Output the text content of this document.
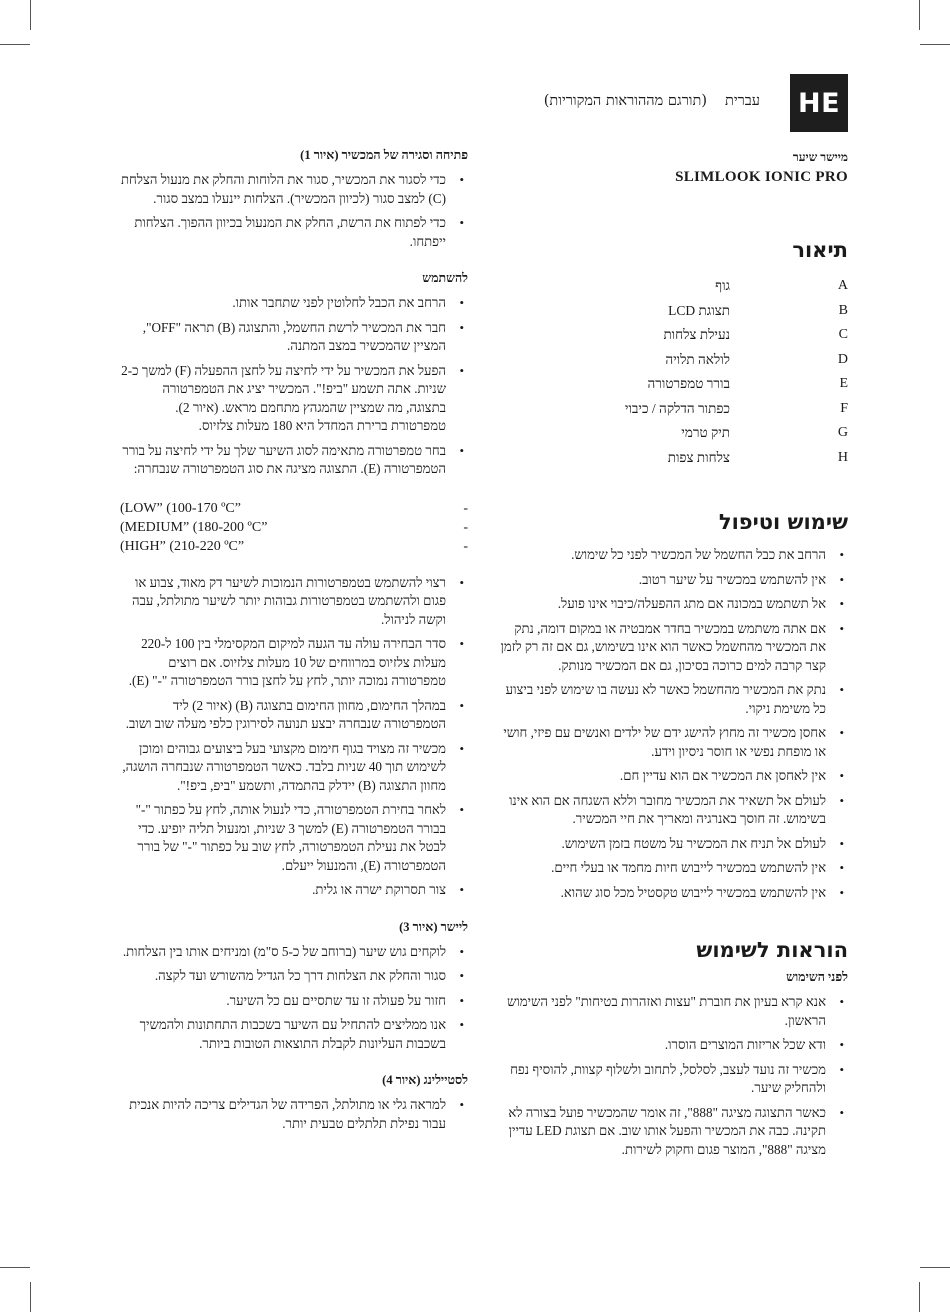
HE
עברית(תורגם מההוראות המקוריות)
מיישר שיער
SLIMLOOK IONIC PRO
תיאור
A
גוף
B
תצוגת LCD
C
נעילת צלחות
D
לולאה תלויה
E
בורר טמפרטורה
F
כפתור הדלקה / כיבוי
G
תיק טרמי
H
צלחות צפות
שימוש וטיפול
• הרחב את כבל החשמל של המכשיר לפני כל שימוש.
• אין להשתמש במכשיר על שיער רטוב.
• אל תשתמש במכונה אם מתג ההפעלה/כיבוי אינו פועל.
• אם אתה משתמש במכשיר בחדר אמבטיה או במקום דומה, נתק את המכשיר מהחשמל כאשר הוא אינו בשימוש, גם אם זה רק לזמן קצר קרבה למים כרוכה בסיכון, גם אם המכשיר מנותק.
• נתק את המכשיר מהחשמל כאשר לא נעשה בו שימוש לפני ביצוע כל משימת ניקוי.
• אחסן מכשיר זה מחוץ להישג ידם של ילדים ואנשים עם פיזי, חושי או מופחת נפשי או חוסר ניסיון וידע.
• אין לאחסן את המכשיר אם הוא עדיין חם.
• לעולם אל תשאיר את המכשיר מחובר וללא השגחה אם הוא אינו בשימוש. זה חוסך באנרגיה ומאריך את חיי המכשיר.
• לעולם אל תניח את המכשיר על משטח בזמן השימוש.
• אין להשתמש במכשיר לייבוש חיות מחמד או בעלי חיים.
• אין להשתמש במכשיר לייבוש טקסטיל מכל סוג שהוא.
הוראות לשימוש
לפני השימוש
• אנא קרא בעיון את חוברת "עצות ואזהרות בטיחות" לפני השימוש הראשון.
• ודא שכל אריזות המוצרים הוסרו.
• מכשיר זה נועד לעצב, לסלסל, לתחוב ולשלוף קצוות, להוסיף נפח ולהחליק שיער.
• כאשר התצוגה מציגה "888", זה אומר שהמכשיר פועל בצורה לא תקינה. כבה את המכשיר והפעל אותו שוב. אם תצוגת LED עדיין מציגה "888", המוצר פגום וחקוק לשירות.
פתיחה וסגירה של המכשיר (איור 1)
• כדי לסגור את המכשיר, סגור את הלוחות והחלק את מנעול הצלחת (C) למצב סגור (לכיוון המכשיר). הצלחות יינעלו במצב סגור.
• כדי לפתוח את הרשת, החלק את המנעול בכיוון ההפוך. הצלחות ייפתחו.
להשתמש
• הרחב את הכבל לחלוטין לפני שתחבר אותו.
• חבר את המכשיר לרשת החשמל, והתצוגה (B) תראה "OFF", המציין שהמכשיר במצב המתנה.
• הפעל את המכשיר על ידי לחיצה על לחצן ההפעלה (F) למשך כ-2 שניות. אתה תשמע "ביפ!". המכשיר יציג את הטמפרטורה בתצוגה, מה שמציין שהמגהץ מתחמם מראש. (איור 2). טמפרטורת ברירת המחדל היא 180 מעלות צלזיוס.
• בחר טמפרטורה מתאימה לסוג השיער שלך על ידי לחיצה על בורר הטמפרטורה (E). התצוגה מציגה את סוג הטמפרטורה שנבחרה:
-
(LOW” (100-170 ºC”
-
(MEDIUM” (180-200 ºC”
-
(HIGH” (210-220 ºC”
• רצוי להשתמש בטמפרטורות הנמוכות לשיער דק מאוד, צבוע או פגום ולהשתמש בטמפרטורות גבוהות יותר לשיער מתולתל, עבה וקשה לניהול.
• סדר הבחירה עולה עד הגעה למיקום המקסימלי בין 100 ל-220 מעלות צלזיוס במרווחים של 10 מעלות צלזיוס. אם רוצים טמפרטורה נמוכה יותר, לחץ על לחצן בורר הטמפרטורה "-" (E).
• במהלך החימום, מחוון החימום בתצוגה (B) (איור 2) ליד הטמפרטורה שנבחרה יבצע תנועה לסירוגין כלפי מעלה שוב ושוב.
• מכשיר זה מצויד בגוף חימום מקצועי בעל ביצועים גבוהים ומוכן לשימוש תוך 40 שניות בלבד. כאשר הטמפרטורה שנבחרה הושגה, מחוון התצוגה (B) יידלק בהתמדה, ותשמע "ביפ, ביפ!".
• לאחר בחירת הטמפרטורה, כדי לנעול אותה, לחץ על כפתור "-" בבורר הטמפרטורה (E) למשך 3 שניות, ומנעול תליה יופיע. כדי לבטל את נעילת הטמפרטורה, לחץ שוב על כפתור "-" של בורר הטמפרטורה (E), והמנעול ייעלם.
• צור תסרוקת ישרה או גלית.
ליישר (איור 3)
• לוקחים גוש שיער (ברוחב של כ-5 ס"מ) ומניחים אותו בין הצלחות.
• סגור והחלק את הצלחות דרך כל הגדיל מהשורש ועד לקצה.
• חזור על פעולה זו עד שתסיים עם כל השיער.
• אנו ממליצים להתחיל עם השיער בשכבות התחתונות ולהמשיך בשכבות העליונות לקבלת התוצאות הטובות ביותר.
לסטיילינג (איור 4)
• למראה גלי או מתולתל, הפרידה של הגדילים צריכה להיות אנכית עבור נפילת תלתלים טבעית יותר.
